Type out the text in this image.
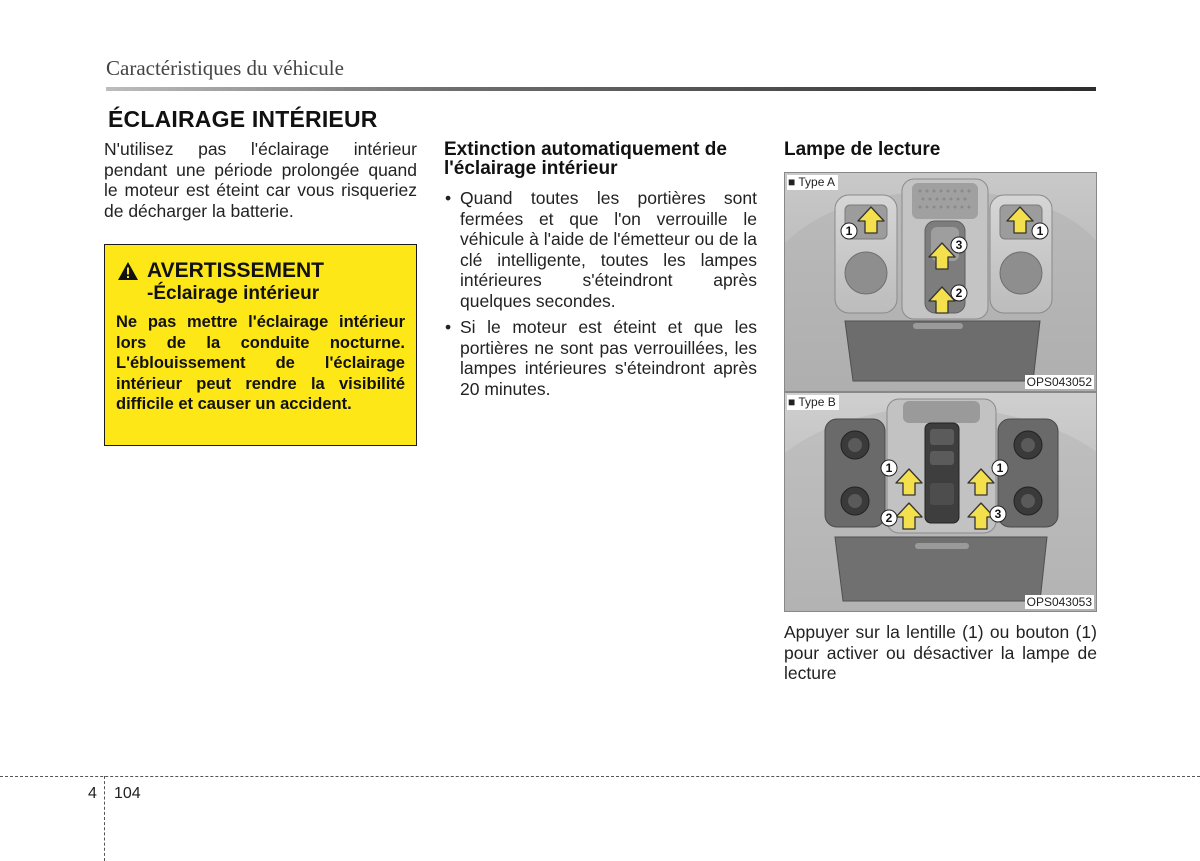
Caractéristiques du véhicule
ÉCLAIRAGE INTÉRIEUR
N'utilisez pas l'éclairage intérieur pendant une période prolongée quand le moteur est éteint car vous risqueriez de décharger la batterie.
AVERTISSEMENT
-Éclairage intérieur
Ne pas mettre l'éclairage intérieur lors de la conduite nocturne. L'éblouissement de l'éclairage intérieur peut rendre la visibilité difficile et causer un accident.
Extinction automatiquement de l'éclairage intérieur
• Quand toutes les portières sont fermées et que l'on verrouille le véhicule à l'aide de l'émetteur ou de la clé intelligente, toutes les lampes intérieures s'éteindront après quelques secondes.
• Si le moteur est éteint et que les portières ne sont pas verrouillées, les lampes intérieures s'éteindront après 20 minutes.
Lampe de lecture
1	1
2
3
■ Type A
OPS043052
1	1
2	3
■ Type B
OPS043053
Appuyer sur la lentille (1) ou bouton (1) pour activer ou désactiver la lampe de lecture
4 104
